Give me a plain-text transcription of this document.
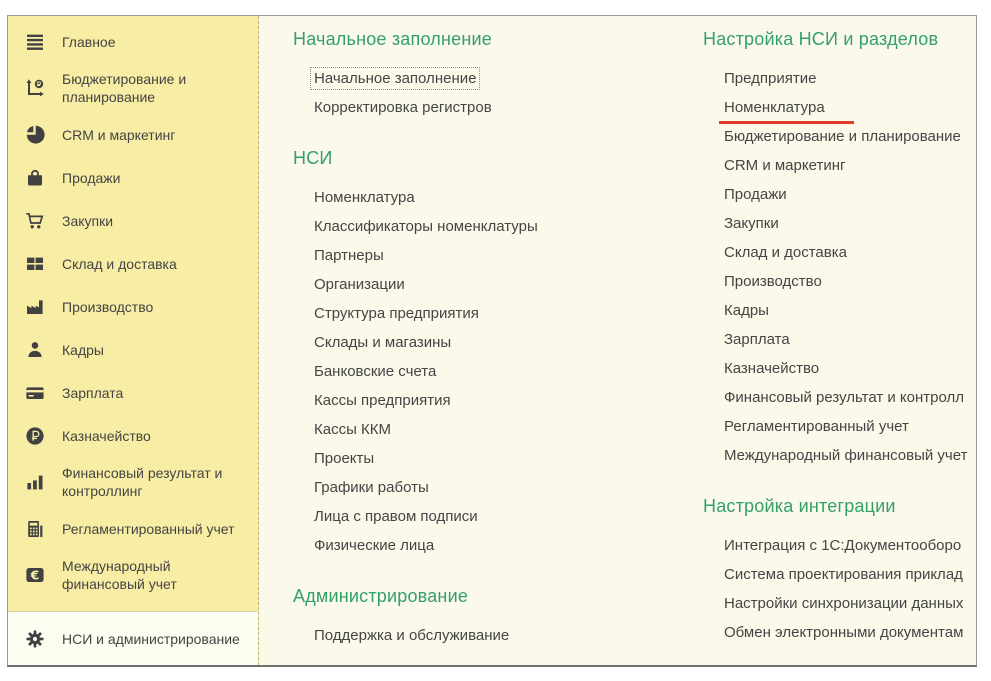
Главное
Бюджетирование и планирование
CRM и маркетинг
Продажи
Закупки
Склад и доставка
Производство
Кадры
Зарплата
Казначейство
Финансовый результат и контроллинг
Регламентированный учет
€
Международный финансовый учет
НСИ и администрирование
Начальное заполнение
Начальное заполнение
Корректировка регистров
НСИ
Номенклатура
Классификаторы номенклатуры
Партнеры
Организации
Структура предприятия
Склады и магазины
Банковские счета
Кассы предприятия
Кассы ККМ
Проекты
Графики работы
Лица с правом подписи
Физические лица
Администрирование
Поддержка и обслуживание
Настройка НСИ и разделов
Предприятие
Номенклатура
Бюджетирование и планирование
CRM и маркетинг
Продажи
Закупки
Склад и доставка
Производство
Кадры
Зарплата
Казначейство
Финансовый результат и контролл
Регламентированный учет
Международный финансовый учет
Настройка интеграции
Интеграция с 1С:Документооборо
Система проектирования приклад
Настройки синхронизации данных
Обмен электронными документам
